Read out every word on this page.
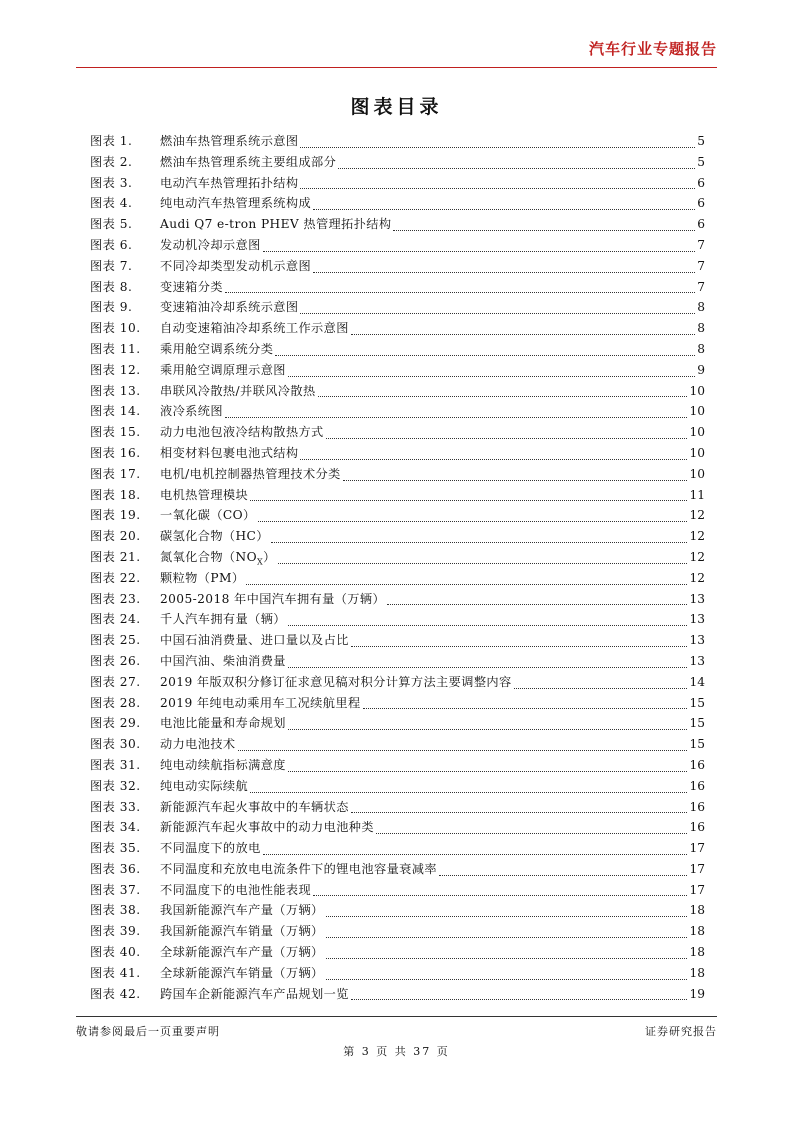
汽车行业专题报告
图表目录
图表 1.	燃油车热管理系统示意图	5
图表 2.	燃油车热管理系统主要组成部分	5
图表 3.	电动汽车热管理拓扑结构	6
图表 4.	纯电动汽车热管理系统构成	6
图表 5.	Audi Q7 e-tron PHEV 热管理拓扑结构	6
图表 6.	发动机冷却示意图	7
图表 7.	不同冷却类型发动机示意图	7
图表 8.	变速箱分类	7
图表 9.	变速箱油冷却系统示意图	8
图表 10.	自动变速箱油冷却系统工作示意图	8
图表 11.	乘用舱空调系统分类	8
图表 12.	乘用舱空调原理示意图	9
图表 13.	串联风冷散热/并联风冷散热	10
图表 14.	液冷系统图	10
图表 15.	动力电池包液冷结构散热方式	10
图表 16.	相变材料包裹电池式结构	10
图表 17.	电机/电机控制器热管理技术分类	10
图表 18.	电机热管理模块	11
图表 19.	一氧化碳（CO）	12
图表 20.	碳氢化合物（HC）	12
图表 21.	氮氧化合物$(NO_X)$	12
图表 22.	颗粒物（PM）	12
图表 23.	2005-2018 年中国汽车拥有量（万辆）	13
图表 24.	千人汽车拥有量（辆）	13
图表 25.	中国石油消费量、进口量以及占比	13
图表 26.	中国汽油、柴油消费量	13
图表 27.	2019 年版双积分修订征求意见稿对积分计算方法主要调整内容	14
图表 28.	2019 年纯电动乘用车工况续航里程	15
图表 29.	电池比能量和寿命规划	15
图表 30.	动力电池技术	15
图表 31.	纯电动续航指标满意度	16
图表 32.	纯电动实际续航	16
图表 33.	新能源汽车起火事故中的车辆状态	16
图表 34.	新能源汽车起火事故中的动力电池种类	16
图表 35.	不同温度下的放电	17
图表 36.	不同温度和充放电电流条件下的锂电池容量衰减率	17
图表 37.	不同温度下的电池性能表现	17
图表 38.	我国新能源汽车产量（万辆）	18
图表 39.	我国新能源汽车销量（万辆）	18
图表 40.	全球新能源汽车产量（万辆）	18
图表 41.	全球新能源汽车销量（万辆）	18
图表 42.	跨国车企新能源汽车产品规划一览	19
敬请参阅最后一页重要声明	证券研究报告
第 3 页 共 37 页
